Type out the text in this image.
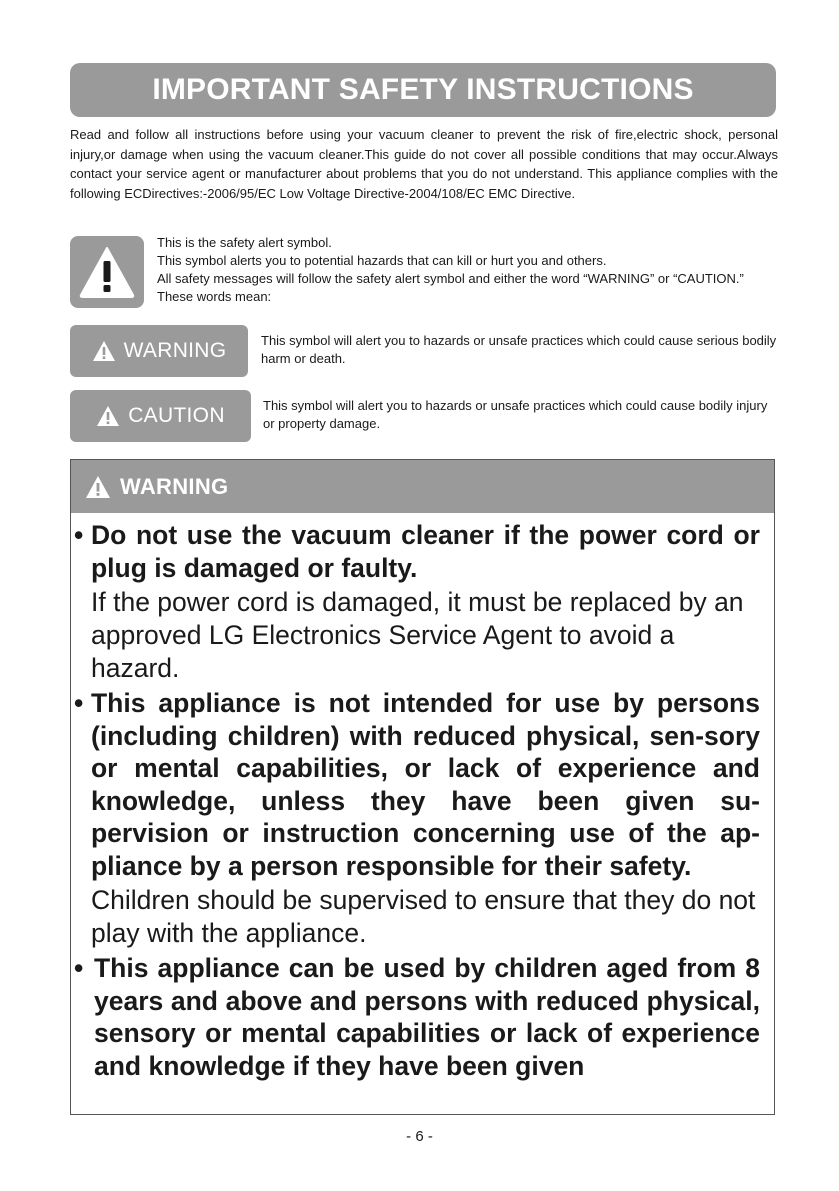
IMPORTANT SAFETY INSTRUCTIONS

Read and follow all instructions before using your vacuum cleaner to prevent the risk of fire,electric shock, personal injury,or damage when using the vacuum cleaner.This guide do not cover all possible conditions that may occur.Always contact your service agent or manufacturer about problems that you do not understand. This appliance complies with the following ECDirectives:-2006/95/EC Low Voltage Directive-2004/108/EC EMC Directive.

This is the safety alert symbol.

This symbol alerts you to potential hazards that can kill or hurt you and others.

All safety messages will follow the safety alert symbol and either the word “WARNING” or “CAUTION.” These words mean:

WARNING	This symbol will alert you to hazards or unsafe practices which could cause serious bodily harm or death.

CAUTION	This symbol will alert you to hazards or unsafe practices which could cause bodily injury or property damage.

WARNING

• Do not use the vacuum cleaner if the power cord or plug is damaged or faulty.

If the power cord is damaged, it must be replaced by an approved LG Electronics Service Agent to avoid a hazard.

• This appliance is not intended for use by persons (including children) with reduced physical, sen-sory or mental capabilities, or lack of experience and knowledge, unless they have been given su-pervision or instruction concerning use of the ap-pliance by a person responsible for their safety.

Children should be supervised to ensure that they do not play with the appliance.

• This appliance can be used by children aged from 8 years and above and persons with reduced physical, sensory or mental capabilities or lack of experience and knowledge if they have been given

- 6 -
